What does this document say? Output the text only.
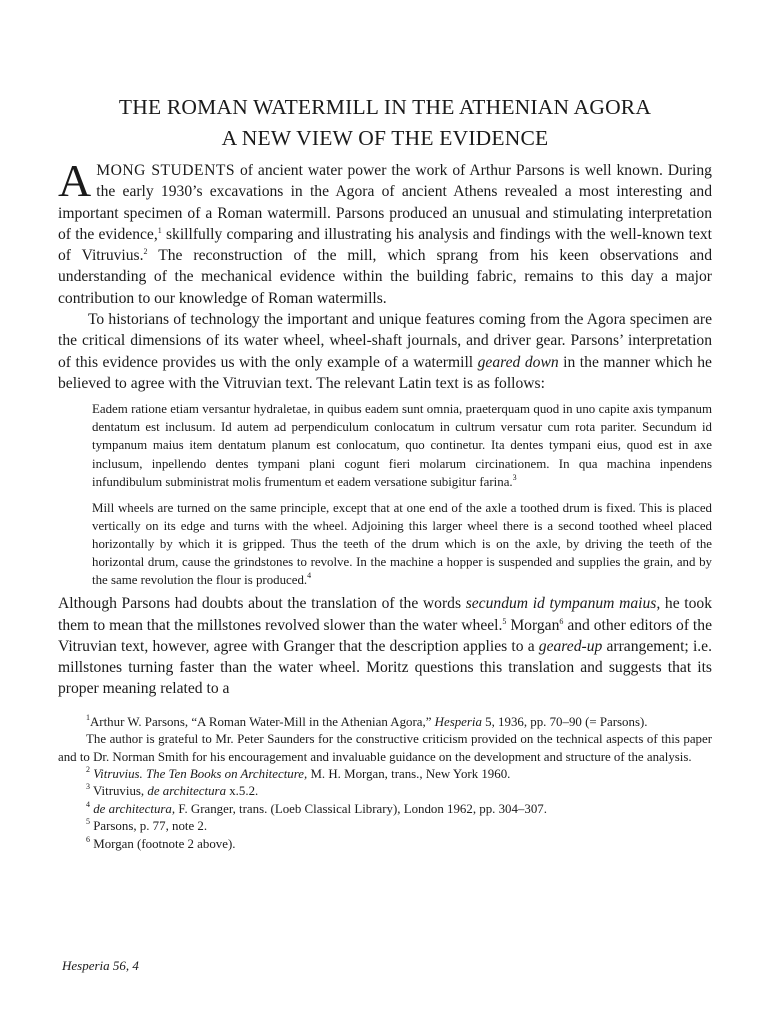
THE ROMAN WATERMILL IN THE ATHENIAN AGORA
A NEW VIEW OF THE EVIDENCE

AMONG STUDENTS of ancient water power the work of Arthur Parsons is well known. During the early 1930’s excavations in the Agora of ancient Athens revealed a most interesting and important specimen of a Roman watermill. Parsons produced an unusual and stimulating interpretation of the evidence,$^1$ skillfully comparing and illustrating his analysis and findings with the well-known text of Vitruvius.$^2$ The reconstruction of the mill, which sprang from his keen observations and understanding of the mechanical evidence within the building fabric, remains to this day a major contribution to our knowledge of Roman watermills.

To historians of technology the important and unique features coming from the Agora specimen are the critical dimensions of its water wheel, wheel-shaft journals, and driver gear. Parsons’ interpretation of this evidence provides us with the only example of a watermill geared down in the manner which he believed to agree with the Vitruvian text. The relevant Latin text is as follows:

Eadem ratione etiam versantur hydraletae, in quibus eadem sunt omnia, praeterquam quod in uno capite axis tympanum dentatum est inclusum. Id autem ad perpendiculum conlocatum in cultrum versatur cum rota pariter. Secundum id tympanum maius item dentatum planum est conlocatum, quo continetur. Ita dentes tympani eius, quod est in axe inclusum, inpellendo dentes tympani plani cogunt fieri molarum circinationem. In qua machina inpendens infundibulum subministrat molis frumentum et eadem versatione subigitur farina.$^3$

Mill wheels are turned on the same principle, except that at one end of the axle a toothed drum is fixed. This is placed vertically on its edge and turns with the wheel. Adjoining this larger wheel there is a second toothed wheel placed horizontally by which it is gripped. Thus the teeth of the drum which is on the axle, by driving the teeth of the horizontal drum, cause the grindstones to revolve. In the machine a hopper is suspended and supplies the grain, and by the same revolution the flour is produced.$^4$

Although Parsons had doubts about the translation of the words secundum id tympanum maius, he took them to mean that the millstones revolved slower than the water wheel.$^5$ Morgan$^6$ and other editors of the Vitruvian text, however, agree with Granger that the description applies to a geared-up arrangement; i.e. millstones turning faster than the water wheel. Moritz questions this translation and suggests that its proper meaning related to a

$^1$Arthur W. Parsons, “A Roman Water-Mill in the Athenian Agora,” Hesperia 5, 1936, pp. 70–90 (= Parsons).

The author is grateful to Mr. Peter Saunders for the constructive criticism provided on the technical aspects of this paper and to Dr. Norman Smith for his encouragement and invaluable guidance on the development and structure of the analysis.

$^2$ Vitruvius. The Ten Books on Architecture, M. H. Morgan, trans., New York 1960.

$^3$ Vitruvius, de architectura x.5.2.

$^4$ de architectura, F. Granger, trans. (Loeb Classical Library), London 1962, pp. 304–307.

$^5$ Parsons, p. 77, note 2.

$^6$ Morgan (footnote 2 above).

Hesperia 56, 4
